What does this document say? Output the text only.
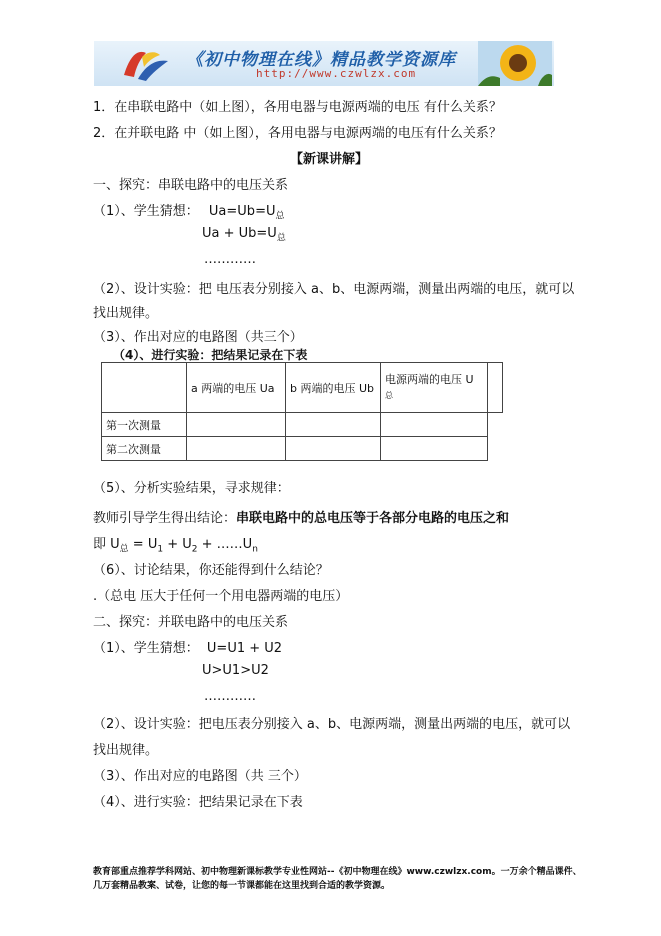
《初中物理在线》精品教学资源库
http://www.czwlzx.com
1．在串联电路中（如上图），各用电器与电源两端的电压 有什么关系？
2．在并联电路 中（如上图），各用电器与电源两端的电压有什么关系？
【新课讲解】
一、探究：串联电路中的电压关系
（1）、学生猜想： $Ua=Ub=U_总$
$Ua + Ub=U_总$
…………
（2）、设计实验：把 电压表分别接入 a、b、电源两端，测量出两端的电压，就可以
找出规律。
（3）、作出对应的电路图（共三个）
（4）、进行实验：把结果记录在下表
	a 两端的电压 Ua	b 两端的电压 Ub	电源两端的电压 U
总	

第一次测量				
第二次测量				
（5）、分析实验结果，寻求规律：
教师引导学生得出结论：串联电路中的总电压等于各部分电路的电压之和
即 $U_总 = U_1 + U_2$ + $\dots\dots U_n$
（6）、讨论结果，你还能得到什么结论？
.（总电 压大于任何一个用电器两端的电压）
二、探究：并联电路中的电压关系
（1）、学生猜想： U=U1 + U2
U>U1>U2
…………
（2）、设计实验：把电压表分别接入 a、b、电源两端，测量出两端的电压，就可以
找出规律。
（3）、作出对应的电路图（共 三个）
（4）、进行实验：把结果记录在下表
教育部重点推荐学科网站、初中物理新课标教学专业性网站--《初中物理在线》www.czwlzx.com。一万余个精品课件、
几万套精品教案、试卷，让您的每一节课都能在这里找到合适的教学资源。
